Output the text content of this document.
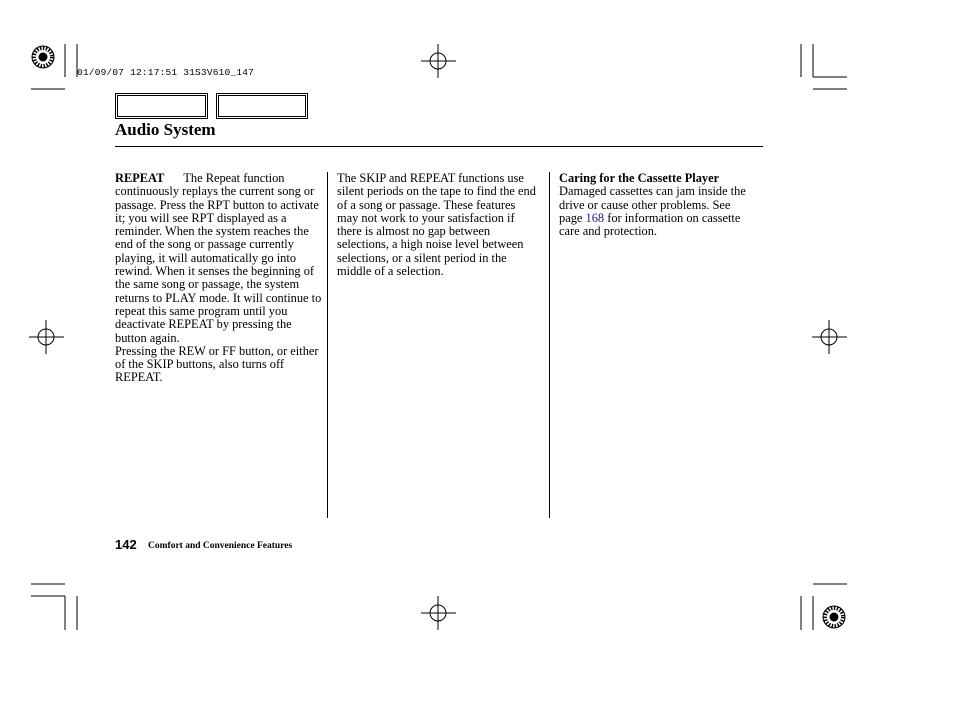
01/09/07 12:17:51 31S3V610_147
Audio System

REPEAT The Repeat function continuously replays the current song or passage. Press the RPT button to activate it; you will see RPT displayed as a reminder. When the system reaches the end of the song or passage currently playing, it will automatically go into rewind. When it senses the beginning of the same song or passage, the system returns to PLAY mode. It will continue to repeat this same program until you deactivate REPEAT by pressing the button again.

Pressing the REW or FF button, or either of the SKIP buttons, also turns off REPEAT.

The SKIP and REPEAT functions use silent periods on the tape to find the end of a song or passage. These features may not work to your satisfaction if there is almost no gap between selections, a high noise level between selections, or a silent period in the middle of a selection.

Caring for the Cassette Player

Damaged cassettes can jam inside the drive or cause other problems. See page 168 for information on cassette care and protection.

142 Comfort and Convenience Features
